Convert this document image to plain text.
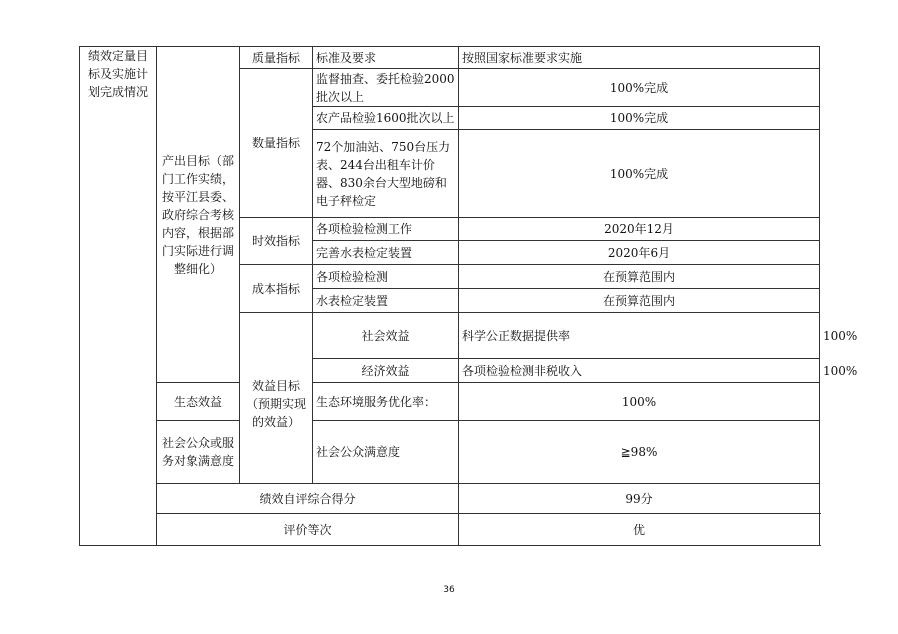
绩效定量目标及实施计划完成情况	产出目标（部门工作实绩，按平江县委、政府综合考核内容，根据部门实际进行调整细化）	质量指标	标准及要求	按照国家标准要求实施	
		数量指标	监督抽查、委托检验2000批次以上	100%完成	
			农产品检验1600批次以上	100%完成	
			72个加油站、750台压力表、244台出租车计价器、830余台大型地磅和电子秤检定	100%完成	
		时效指标	各项检验检测工作	2020年12月	
			完善水表检定装置	2020年6月	
		成本指标	各项检验检测	在预算范围内	
			水表检定装置	在预算范围内	
		效益目标（预期实现的效益）	社会效益	科学公正数据提供率	100%
			经济效益	各项检验检测非税收入	100%
	生态效益		生态环境服务优化率：	100%	
	社会公众或服务对象满意度		社会公众满意度	≧98%	
	绩效自评综合得分			99分	
	评价等次			优	
36
